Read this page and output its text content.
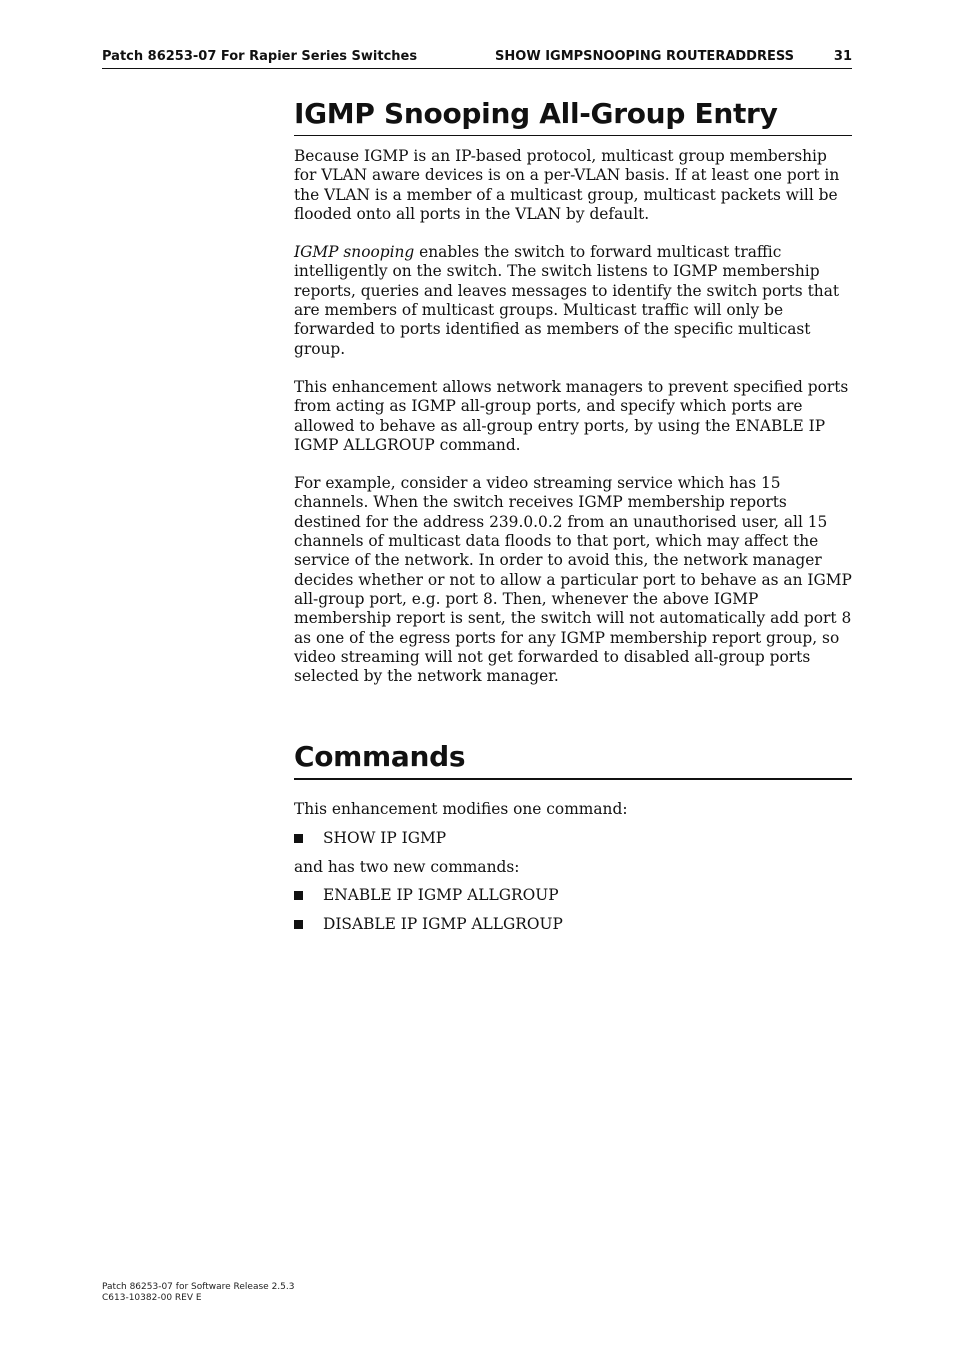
Patch 86253-07 For Rapier Series Switches	SHOW IGMPSNOOPING ROUTERADDRESS	31
IGMP Snooping All-Group Entry

Because IGMP is an IP-based protocol, multicast group membership for VLAN aware devices is on a per-VLAN basis. If at least one port in the VLAN is a member of a multicast group, multicast packets will be flooded onto all ports in the VLAN by default.

IGMP snooping enables the switch to forward multicast traffic intelligently on the switch. The switch listens to IGMP membership reports, queries and leaves messages to identify the switch ports that are members of multicast groups. Multicast traffic will only be forwarded to ports identified as members of the specific multicast group.

This enhancement allows network managers to prevent specified ports from acting as IGMP all-group ports, and specify which ports are allowed to behave as all-group entry ports, by using the ENABLE IP IGMP ALLGROUP command.

For example, consider a video streaming service which has 15 channels. When the switch receives IGMP membership reports destined for the address 239.0.0.2 from an unauthorised user, all 15 channels of multicast data floods to that port, which may affect the service of the network. In order to avoid this, the network manager decides whether or not to allow a particular port to behave as an IGMP all-group port, e.g. port 8. Then, whenever the above IGMP membership report is sent, the switch will not automatically add port 8 as one of the egress ports for any IGMP membership report group, so video streaming will not get forwarded to disabled all-group ports selected by the network manager.

Commands

This enhancement modifies one command:

SHOW IP IGMP

and has two new commands:

ENABLE IP IGMP ALLGROUP
DISABLE IP IGMP ALLGROUP
Patch 86253-07 for Software Release 2.5.3
C613-10382-00 REV E
